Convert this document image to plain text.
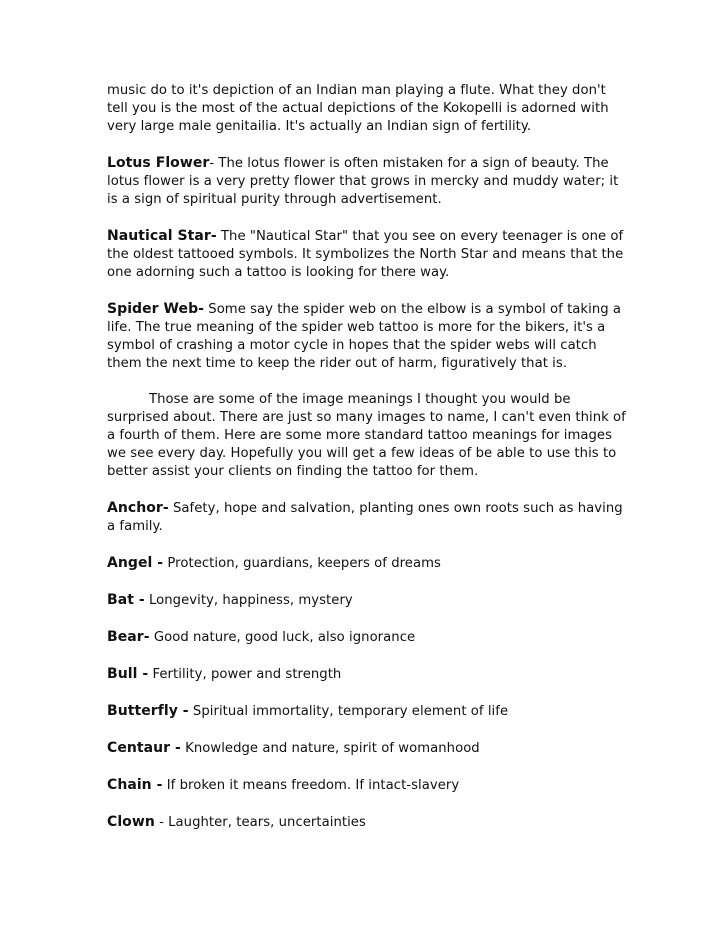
music do to it's depiction of an Indian man playing a flute. What they don't tell you is the most of the actual depictions of the Kokopelli is adorned with very large male genitailia. It's actually an Indian sign of fertility.

Lotus Flower- The lotus flower is often mistaken for a sign of beauty. The lotus flower is a very pretty flower that grows in mercky and muddy water; it is a sign of spiritual purity through advertisement.

Nautical Star- The "Nautical Star" that you see on every teenager is one of the oldest tattooed symbols. It symbolizes the North Star and means that the one adorning such a tattoo is looking for there way.

Spider Web- Some say the spider web on the elbow is a symbol of taking a life. The true meaning of the spider web tattoo is more for the bikers, it's a symbol of crashing a motor cycle in hopes that the spider webs will catch them the next time to keep the rider out of harm, figuratively that is.

Those are some of the image meanings I thought you would be surprised about. There are just so many images to name, I can't even think of a fourth of them. Here are some more standard tattoo meanings for images we see every day. Hopefully you will get a few ideas of be able to use this to better assist your clients on finding the tattoo for them.

Anchor- Safety, hope and salvation, planting ones own roots such as having a family.

Angel - Protection, guardians, keepers of dreams

Bat - Longevity, happiness, mystery

Bear- Good nature, good luck, also ignorance

Bull - Fertility, power and strength

Butterfly - Spiritual immortality, temporary element of life

Centaur - Knowledge and nature, spirit of womanhood

Chain - If broken it means freedom. If intact-slavery

Clown - Laughter, tears, uncertainties
